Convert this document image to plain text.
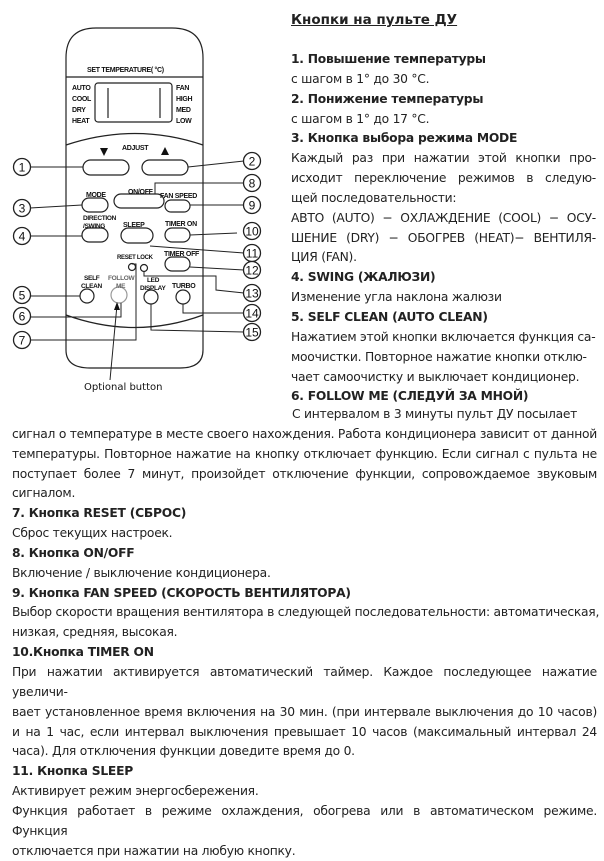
SET TEMPERATURE( °C)
AUTO
COOL
DRY
HEAT
FAN
HIGH
MED
LOW
ADJUST
MODE	ON/OFF
FAN SPEED
DIRECTION
/SWING	SLEEP	TIMER ON
TIMER OFF
RESET LOCK
SELF
CLEAN
FOLLOW
ME
LED
DISPLAY TURBO
1	2
3
4
5
6
7
8
9
10
11
12
13
14
15
Optional button
Кнопки на пульте ДУ
1. Повышение температуры
с шагом в 1° до 30 °С.
2. Понижение температуры
с шагом в 1° до 17 °С.
3. Кнопка выбора режима MODE
Каждый раз при нажатии этой кнопки про-
исходит переключение режимов в следую-
щей последовательности:
АВТО (AUTO) − ОХЛАЖДЕНИЕ (COOL) − ОСУ-
ШЕНИЕ (DRY) − ОБОГРЕВ (HEAT)− ВЕНТИЛЯ-
ЦИЯ (FAN).
4. SWING (ЖАЛЮЗИ)
Изменение угла наклона жалюзи
5. SELF CLEAN (AUTO CLEAN)
Нажатием этой кнопки включается функция са-
моочистки. Повторное нажатие кнопки отклю-
чает самоочистку и выключает кондиционер.
6. FOLLOW ME (СЛЕДУЙ ЗА МНОЙ)
С интервалом в 3 минуты пульт ДУ посылает
сигнал о температуре в месте своего нахождения. Работа кондиционера зависит от данной
температуры. Повторное нажатие на кнопку отключает функцию. Если сигнал с пульта не
поступает более 7 минут, произойдет отключение функции, сопровождаемое звуковым
сигналом.
7. Кнопка RESET (СБРОС)
Сброс текущих настроек.
8. Кнопка ON/OFF
Включение / выключение кондиционера.
9. Кнопка FAN SPEED (СКОРОСТЬ ВЕНТИЛЯТОРА)
Выбор скорости вращения вентилятора в следующей последовательности: автоматическая,
низкая, средняя, высокая.
10.Кнопка TIMER ON
При нажатии активируется автоматический таймер. Каждое последующее нажатие увеличи-
вает установленное время включения на 30 мин. (при интервале выключения до 10 часов)
и на 1 час, если интервал выключения превышает 10 часов (максимальный интервал 24
часа). Для отключения функции доведите время до 0.
11. Кнопка SLEEP
Активирует режим энергосбережения.
Функция работает в режиме охлаждения, обогрева или в автоматическом режиме. Функция
отключается при нажатии на любую кнопку.
